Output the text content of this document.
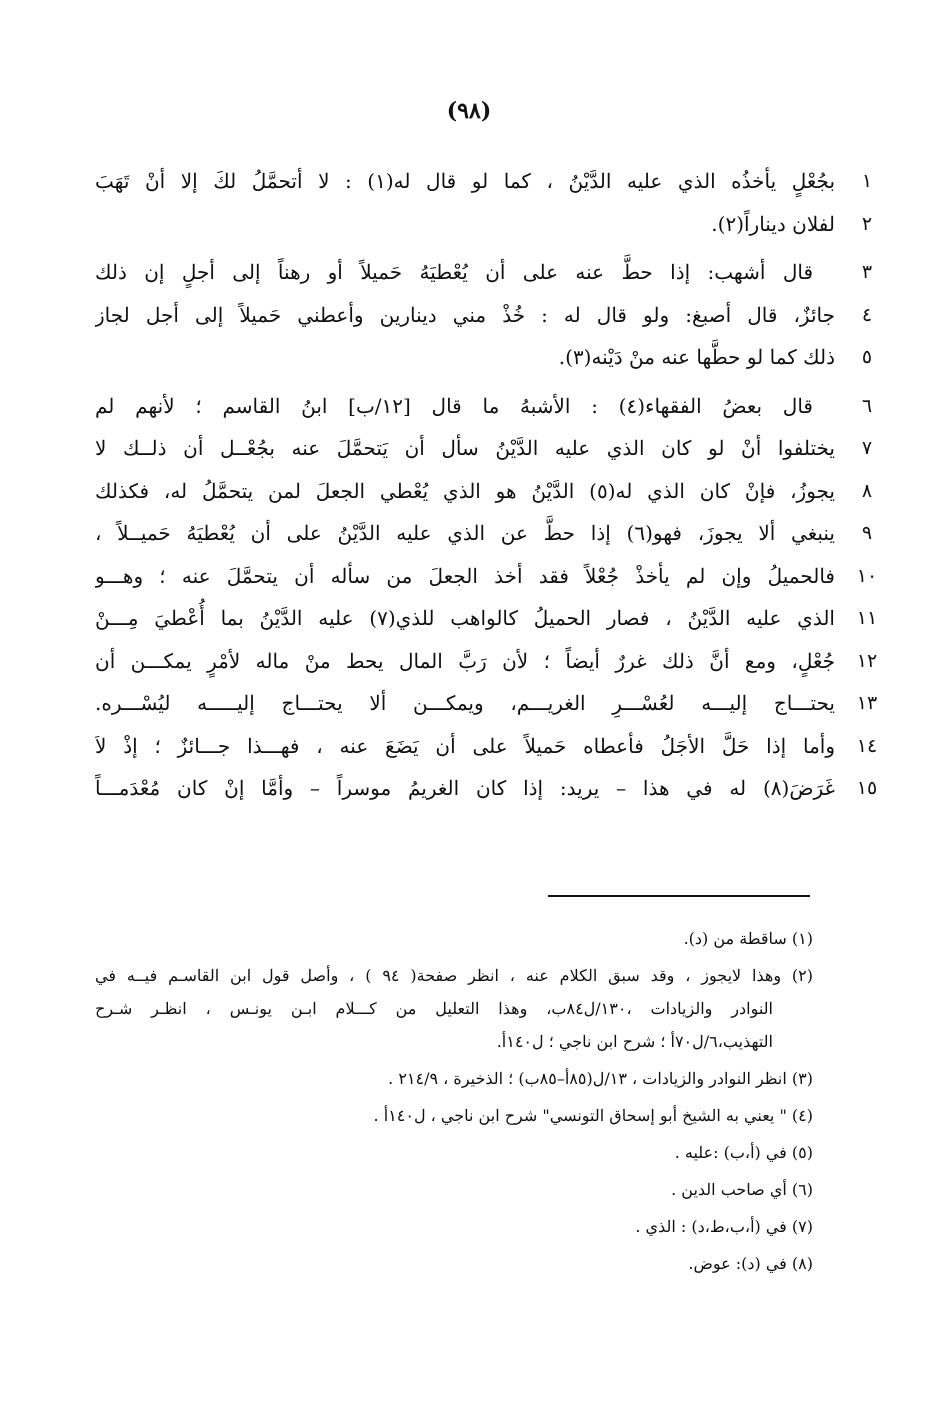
(٩٨)
١
بجُعْلٍ يأخذُه الذي عليه الدَّيْنُ ، كما لو قال له(١) : لا أتحمَّلُ لكَ إلا أنْ تَهَبَ
٢
لفلان ديناراً(٢).
٣
قال أشهب: إذا حطَّ عنه على أن يُعْطيَهُ حَميلاً أو رهناً إلى أجلٍ إن ذلك
٤
جائزٌ، قال أصبغ: ولو قال له : خُذْ مني دينارين وأعطني حَميلاً إلى أجل لجاز
٥
ذلك كما لو حطَّها عنه منْ دَيْنه(٣).
٦
قال بعضُ الفقهاء(٤) : الأشبهُ ما قال [١٢/ب] ابنُ القاسم ؛ لأنهم لم
٧
يختلفوا أنْ لو كان الذي عليه الدَّيْنُ سأل أن يَتحمَّلَ عنه بجُعْــل أن ذلــك لا
٨
يجوزُ، فإنْ كان الذي له(٥) الدَّيْنُ هو الذي يُعْطي الجعلَ لمن يتحمَّلُ له، فكذلك
٩
ينبغي ألا يجوزَ، فهو(٦) إذا حطَّ عن الذي عليه الدَّيْنُ على أن يُعْطيَهُ حَميــلاً ،
١٠
فالحميلُ وإن لم يأخذْ جُعْلاً فقد أخذ الجعلَ من سأله أن يتحمَّلَ عنه ؛ وهـــو
١١
الذي عليه الدَّيْنُ ، فصار الحميلُ كالواهب للذي(٧) عليه الدَّيْنُ بما أُعْطيَ مِـــنْ
١٢
جُعْلٍ، ومع أنَّ ذلك غررٌ أيضاً ؛ لأن رَبَّ المال يحط منْ ماله لأمْرٍ يمكـــن أن
١٣
يحتـــاج إليـــه لعُسْـــرِ الغريـــم، ويمكـــن ألا يحتـــاج إليـــــه ليُسْـــره.
١٤
وأما إذا حَلَّ الأجَلُ فأعطاه حَميلاً على أن يَضَعَ عنه ، فهـــذا جـــائزٌ ؛ إذْ لاَ
١٥
غَرَضَ(٨) له في هذا – يريد: إذا كان الغريمُ موسراً – وأمَّا إنْ كان مُعْدَمـــاً
(١) ساقطة من (د).
(٢) وهذا لايجوز ، وقد سبق الكلام عنه ، انظر صفحة( ٩٤ ) ، وأصل قول ابن القاسـم فيــه في
النوادر والزيادات ،١٣٠/ل٨٤ب، وهذا التعليل من كـــلام ابـن يونـس ، انظـر شـرح
التهذيب،٦/ل٧٠أ ؛ شرح ابن ناجي ؛ ل١٤٠أ.
(٣) انظر النوادر والزيادات ، ١٣/ل(٨٥أ–٨٥ب) ؛ الذخيرة ، ٢١٤/٩ .
(٤) " يعني به الشيخ أبو إسحاق التونسي" شرح ابن ناجي ، ل١٤٠أ .
(٥) في (أ،ب) :عليه .
(٦) أي صاحب الدين .
(٧) في (أ،ب،ط،د) : الذي .
(٨) في (د): عوض.
